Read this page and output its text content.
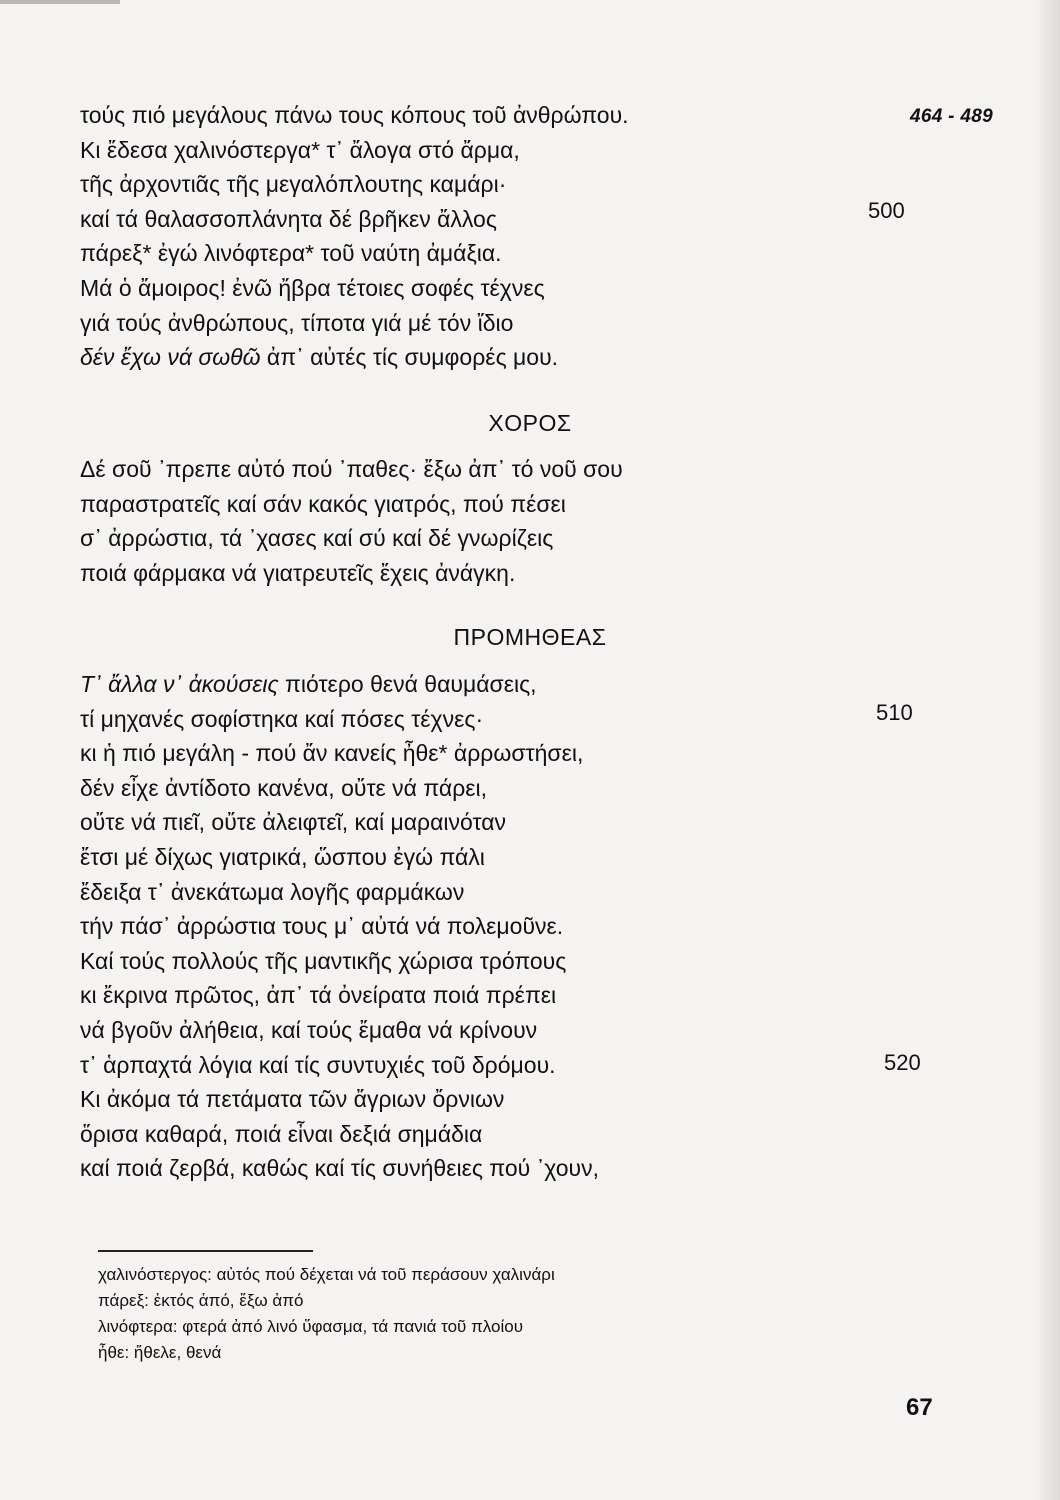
464 - 489
τούς πιό μεγάλους πάνω τους κόπους τοῦ ἀνθρώπου.
Κι ἔδεσα χαλινόστεργα* τ᾽ ἄλογα στό ἄρμα,
τῆς ἀρχοντιᾶς τῆς μεγαλόπλουτης καμάρι·
καί τά θαλασσοπλάνητα δέ βρῆκεν ἄλλος
πάρεξ* ἐγώ λινόφτερα* τοῦ ναύτη ἀμάξια.
Μά ὁ ἄμοιρος! ἐνῶ ἤβρα τέτοιες σοφές τέχνες
γιά τούς ἀνθρώπους, τίποτα γιά μέ τόν ἴδιο
δέν ἔχω νά σωθῶ ἀπ᾽ αὐτές τίς συμφορές μου.
500
ΧΟΡΟΣ
Δέ σοῦ ᾽πρεπε αὐτό πού ᾽παθες· ἔξω ἀπ᾽ τό νοῦ σου
παραστρατεῖς καί σάν κακός γιατρός, πού πέσει
σ᾽ ἀρρώστια, τά ᾽χασες καί σύ καί δέ γνωρίζεις
ποιά φάρμακα νά γιατρευτεῖς ἔχεις ἀνάγκη.
ΠΡΟΜΗΘΕΑΣ
Τ᾽ ἄλλα ν᾽ ἀκούσεις πιότερο θενά θαυμάσεις,
τί μηχανές σοφίστηκα καί πόσες τέχνες·
κι ἡ πιό μεγάλη - πού ἄν κανείς ἦθε* ἀρρωστήσει,
δέν εἶχε ἀντίδοτο κανένα, οὔτε νά πάρει,
οὔτε νά πιεῖ, οὔτε ἀλειφτεῖ, καί μαραινόταν
ἔτσι μέ δίχως γιατρικά, ὥσπου ἐγώ πάλι
ἔδειξα τ᾽ ἀνεκάτωμα λογῆς φαρμάκων
τήν πάσ᾽ ἀρρώστια τους μ᾽ αὐτά νά πολεμοῦνε.
Καί τούς πολλούς τῆς μαντικῆς χώρισα τρόπους
κι ἔκρινα πρῶτος, ἀπ᾽ τά ὀνείρατα ποιά πρέπει
νά βγοῦν ἀλήθεια, καί τούς ἔμαθα νά κρίνουν
τ᾽ ἁρπαχτά λόγια καί τίς συντυχιές τοῦ δρόμου.
Κι ἀκόμα τά πετάματα τῶν ἄγριων ὄρνιων
ὅρισα καθαρά, ποιά εἶναι δεξιά σημάδια
καί ποιά ζερβά, καθώς καί τίς συνήθειες πού ᾽χουν,
510
520
χαλινόστεργος: αὐτός πού δέχεται νά τοῦ περάσουν χαλινάρι
πάρεξ: ἐκτός ἀπό, ἔξω ἀπό
λινόφτερα: φτερά ἀπό λινό ὕφασμα, τά πανιά τοῦ πλοίου
ἦθε: ἤθελε, θενά
67
